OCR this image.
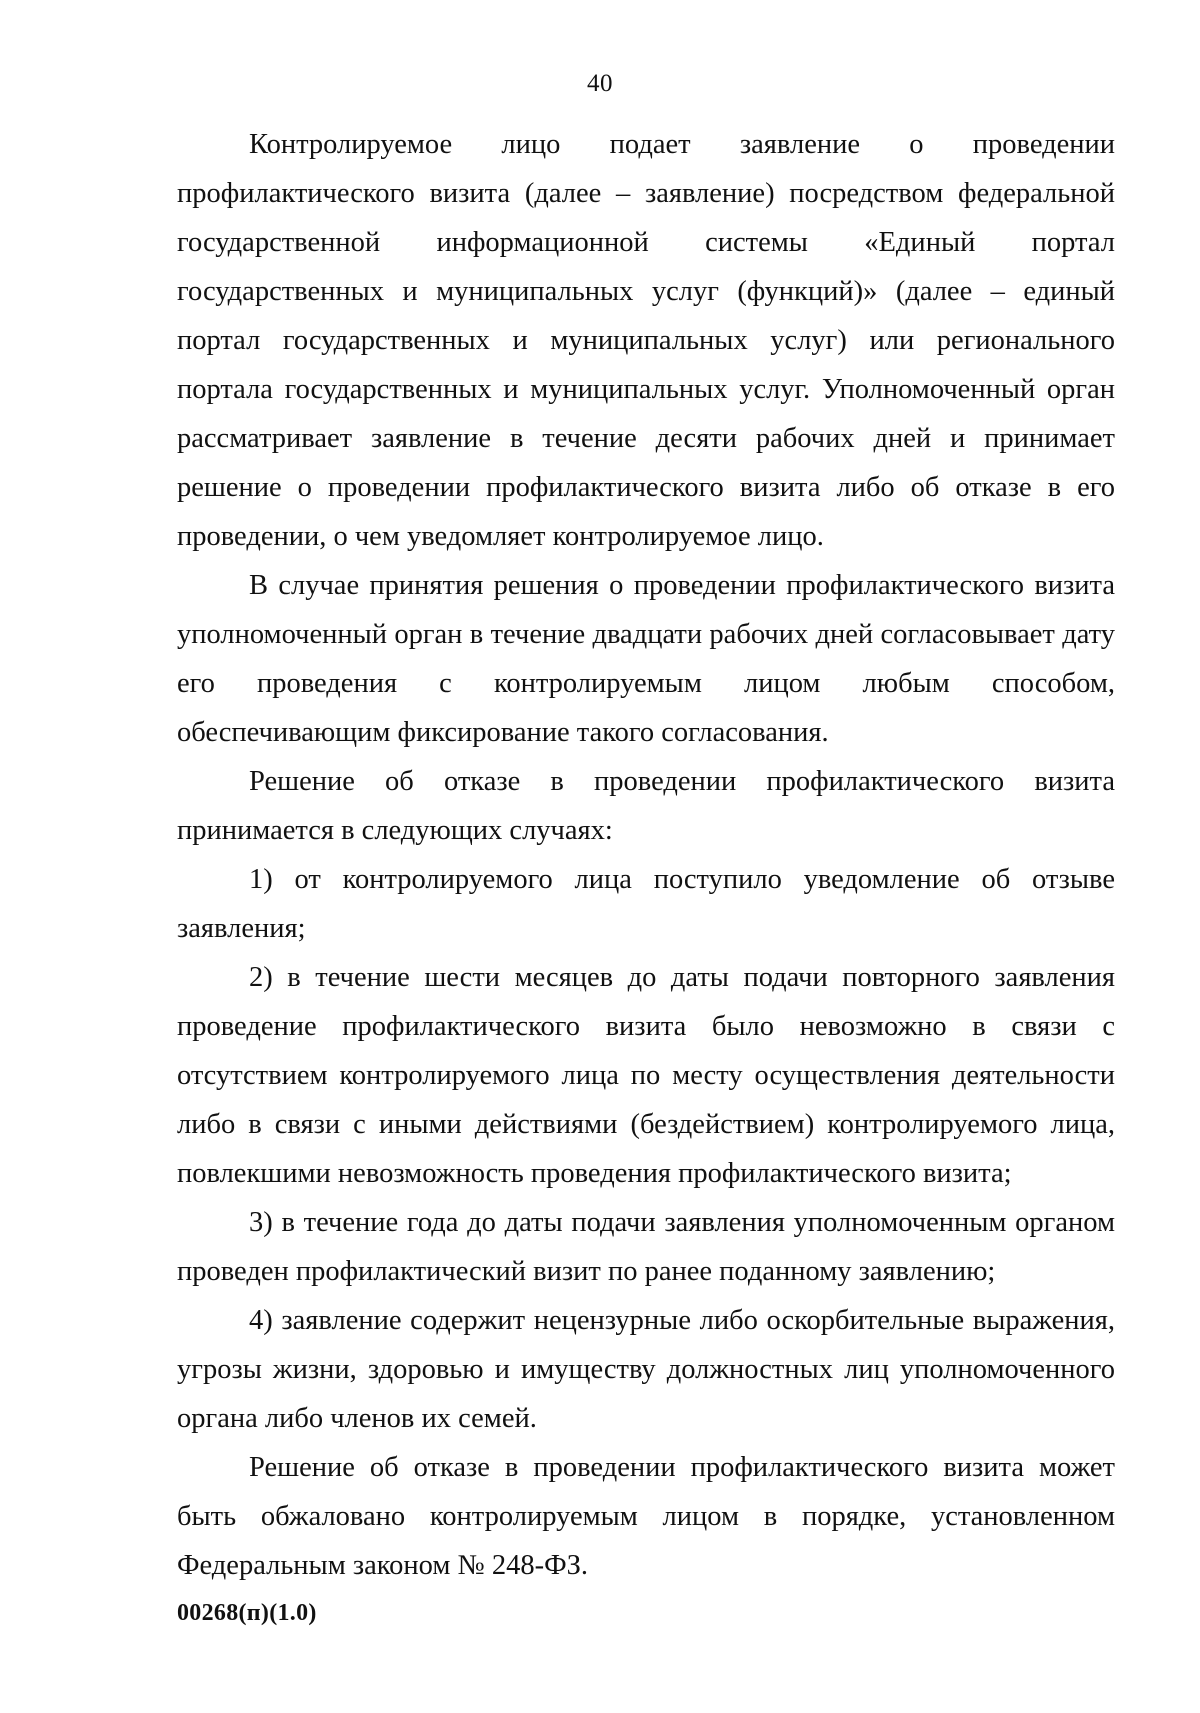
40

Контролируемое лицо подает заявление о проведении профилактического визита (далее – заявление) посредством федеральной государственной информационной системы «Единый портал государственных и муниципальных услуг (функций)» (далее – единый портал государственных и муниципальных услуг) или регионального портала государственных и муниципальных услуг. Уполномоченный орган рассматривает заявление в течение десяти рабочих дней и принимает решение о проведении профилактического визита либо об отказе в его проведении, о чем уведомляет контролируемое лицо.

В случае принятия решения о проведении профилактического визита уполномоченный орган в течение двадцати рабочих дней согласовывает дату его проведения с контролируемым лицом любым способом, обеспечивающим фиксирование такого согласования.

Решение об отказе в проведении профилактического визита принимается в следующих случаях:

1) от контролируемого лица поступило уведомление об отзыве заявления;

2) в течение шести месяцев до даты подачи повторного заявления проведение профилактического визита было невозможно в связи с отсутствием контролируемого лица по месту осуществления деятельности либо в связи с иными действиями (бездействием) контролируемого лица, повлекшими невозможность проведения профилактического визита;

3) в течение года до даты подачи заявления уполномоченным органом проведен профилактический визит по ранее поданному заявлению;

4) заявление содержит нецензурные либо оскорбительные выражения, угрозы жизни, здоровью и имуществу должностных лиц уполномоченного органа либо членов их семей.

Решение об отказе в проведении профилактического визита может быть обжаловано контролируемым лицом в порядке, установленном Федеральным законом № 248-ФЗ.

00268(п)(1.0)
